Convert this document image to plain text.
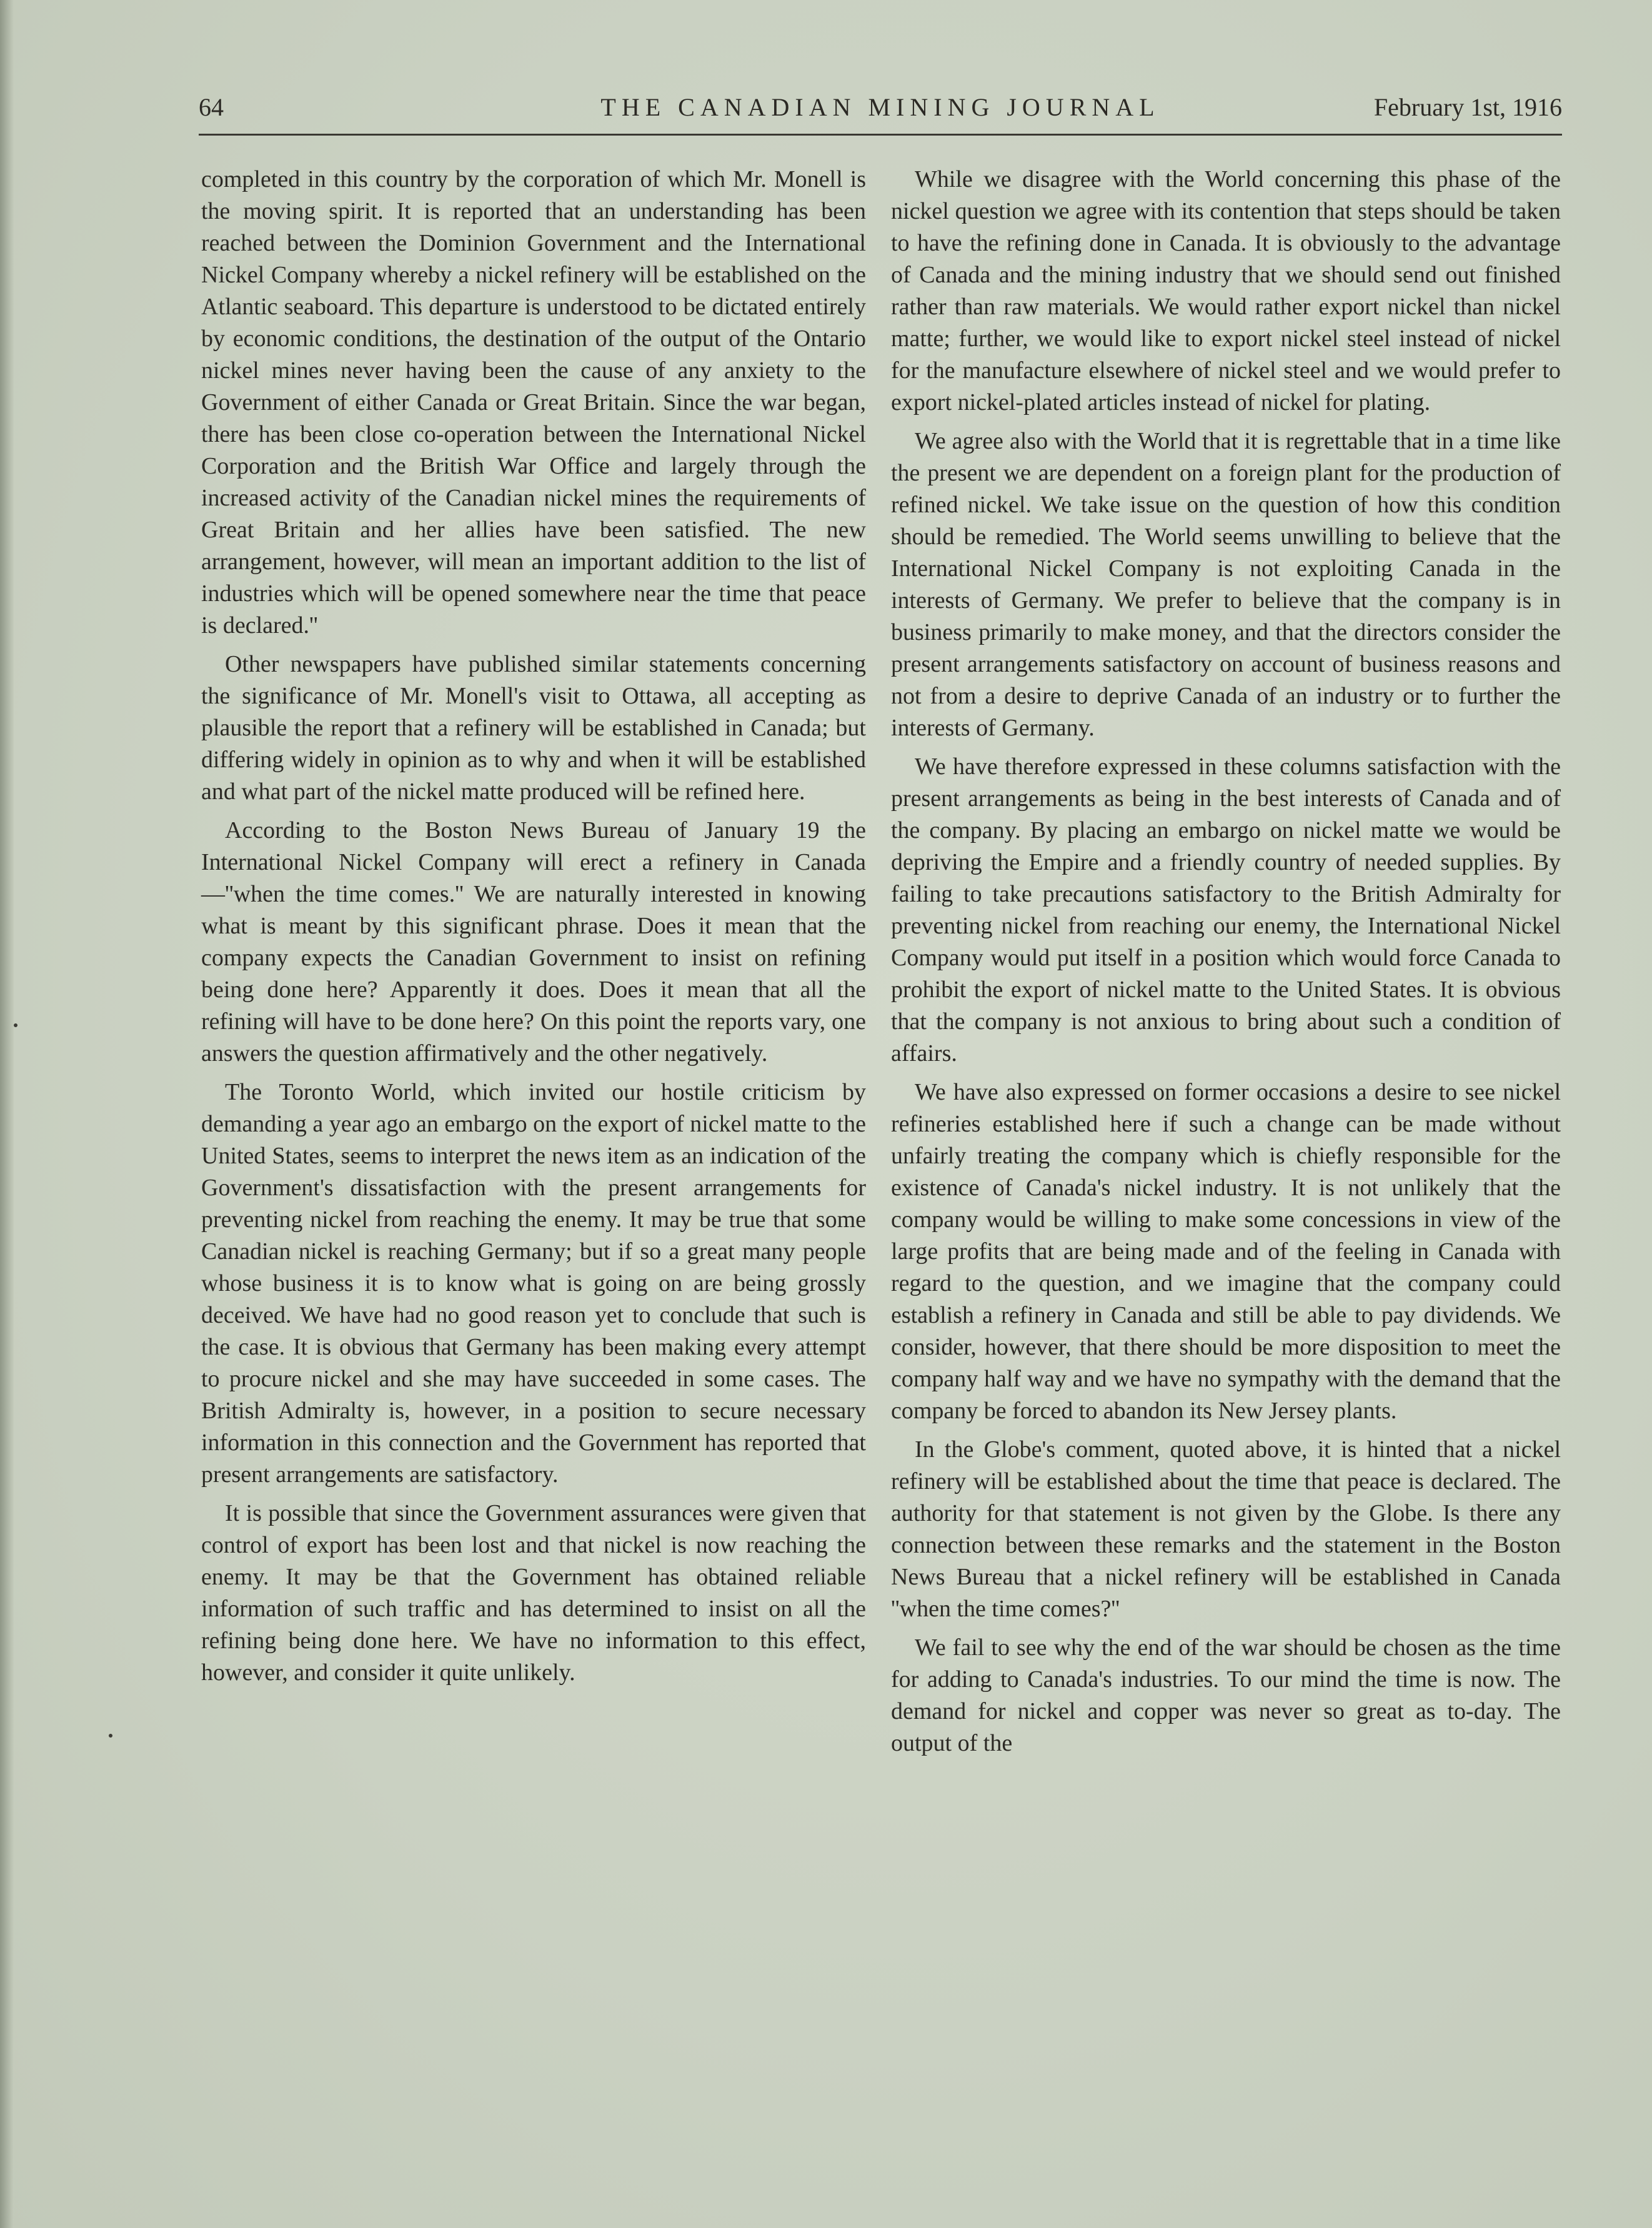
64	THE CANADIAN MINING JOURNAL	February 1st, 1916

completed in this country by the corporation of which Mr. Monell is the moving spirit. It is reported that an understanding has been reached between the Dominion Government and the International Nickel Company whereby a nickel refinery will be established on the Atlantic seaboard. This departure is understood to be dictated entirely by economic conditions, the destination of the output of the Ontario nickel mines never having been the cause of any anxiety to the Government of either Canada or Great Britain. Since the war began, there has been close co-operation between the International Nickel Corporation and the British War Office and largely through the increased activity of the Canadian nickel mines the requirements of Great Britain and her allies have been satisfied. The new arrangement, however, will mean an important addition to the list of industries which will be opened somewhere near the time that peace is declared.''

Other newspapers have published similar statements concerning the significance of Mr. Monell's visit to Ottawa, all accepting as plausible the report that a refinery will be established in Canada; but differing widely in opinion as to why and when it will be established and what part of the nickel matte produced will be refined here.

According to the Boston News Bureau of January 19 the International Nickel Company will erect a refinery in Canada—''when the time comes.'' We are naturally interested in knowing what is meant by this significant phrase. Does it mean that the company expects the Canadian Government to insist on refining being done here? Apparently it does. Does it mean that all the refining will have to be done here? On this point the reports vary, one answers the question affirmatively and the other negatively.

The Toronto World, which invited our hostile criticism by demanding a year ago an embargo on the export of nickel matte to the United States, seems to interpret the news item as an indication of the Government's dissatisfaction with the present arrangements for preventing nickel from reaching the enemy. It may be true that some Canadian nickel is reaching Germany; but if so a great many people whose business it is to know what is going on are being grossly deceived. We have had no good reason yet to conclude that such is the case. It is obvious that Germany has been making every attempt to procure nickel and she may have succeeded in some cases. The British Admiralty is, however, in a position to secure necessary information in this connection and the Government has reported that present arrangements are satisfactory.

It is possible that since the Government assurances were given that control of export has been lost and that nickel is now reaching the enemy. It may be that the Government has obtained reliable information of such traffic and has determined to insist on all the refining being done here. We have no information to this effect, however, and consider it quite unlikely.

While we disagree with the World concerning this phase of the nickel question we agree with its contention that steps should be taken to have the refining done in Canada. It is obviously to the advantage of Canada and the mining industry that we should send out finished rather than raw materials. We would rather export nickel than nickel matte; further, we would like to export nickel steel instead of nickel for the manufacture elsewhere of nickel steel and we would prefer to export nickel-plated articles instead of nickel for plating.

We agree also with the World that it is regrettable that in a time like the present we are dependent on a foreign plant for the production of refined nickel. We take issue on the question of how this condition should be remedied. The World seems unwilling to believe that the International Nickel Company is not exploiting Canada in the interests of Germany. We prefer to believe that the company is in business primarily to make money, and that the directors consider the present arrangements satisfactory on account of business reasons and not from a desire to deprive Canada of an industry or to further the interests of Germany.

We have therefore expressed in these columns satisfaction with the present arrangements as being in the best interests of Canada and of the company. By placing an embargo on nickel matte we would be depriving the Empire and a friendly country of needed supplies. By failing to take precautions satisfactory to the British Admiralty for preventing nickel from reaching our enemy, the International Nickel Company would put itself in a position which would force Canada to prohibit the export of nickel matte to the United States. It is obvious that the company is not anxious to bring about such a condition of affairs.

We have also expressed on former occasions a desire to see nickel refineries established here if such a change can be made without unfairly treating the company which is chiefly responsible for the existence of Canada's nickel industry. It is not unlikely that the company would be willing to make some concessions in view of the large profits that are being made and of the feeling in Canada with regard to the question, and we imagine that the company could establish a refinery in Canada and still be able to pay dividends. We consider, however, that there should be more disposition to meet the company half way and we have no sympathy with the demand that the company be forced to abandon its New Jersey plants.

In the Globe's comment, quoted above, it is hinted that a nickel refinery will be established about the time that peace is declared. The authority for that statement is not given by the Globe. Is there any connection between these remarks and the statement in the Boston News Bureau that a nickel refinery will be established in Canada ''when the time comes?''

We fail to see why the end of the war should be chosen as the time for adding to Canada's industries. To our mind the time is now. The demand for nickel and copper was never so great as to-day. The output of the
